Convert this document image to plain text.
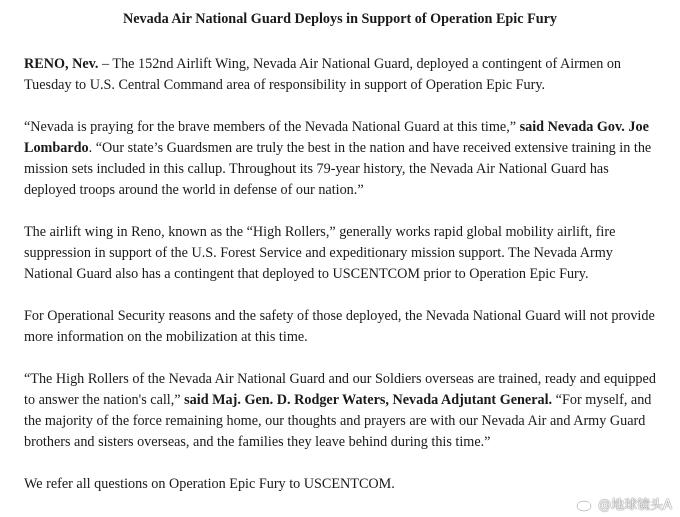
Nevada Air National Guard Deploys in Support of Operation Epic Fury

RENO, Nev. – The 152nd Airlift Wing, Nevada Air National Guard, deployed a contingent of Airmen on Tuesday to U.S. Central Command area of responsibility in support of Operation Epic Fury.

“Nevada is praying for the brave members of the Nevada National Guard at this time,” said Nevada Gov. Joe Lombardo. “Our state’s Guardsmen are truly the best in the nation and have received extensive training in the mission sets included in this callup. Throughout its 79-year history, the Nevada Air National Guard has deployed troops around the world in defense of our nation.”

The airlift wing in Reno, known as the “High Rollers,” generally works rapid global mobility airlift, fire suppression in support of the U.S. Forest Service and expeditionary mission support. The Nevada Army National Guard also has a contingent that deployed to USCENTCOM prior to Operation Epic Fury.

For Operational Security reasons and the safety of those deployed, the Nevada National Guard will not provide more information on the mobilization at this time.

“The High Rollers of the Nevada Air National Guard and our Soldiers overseas are trained, ready and equipped to answer the nation's call,” said Maj. Gen. D. Rodger Waters, Nevada Adjutant General. “For myself, and the majority of the force remaining home, our thoughts and prayers are with our Nevada Air and Army Guard brothers and sisters overseas, and the families they leave behind during this time.”

We refer all questions on Operation Epic Fury to USCENTCOM.

@地球镜头A
